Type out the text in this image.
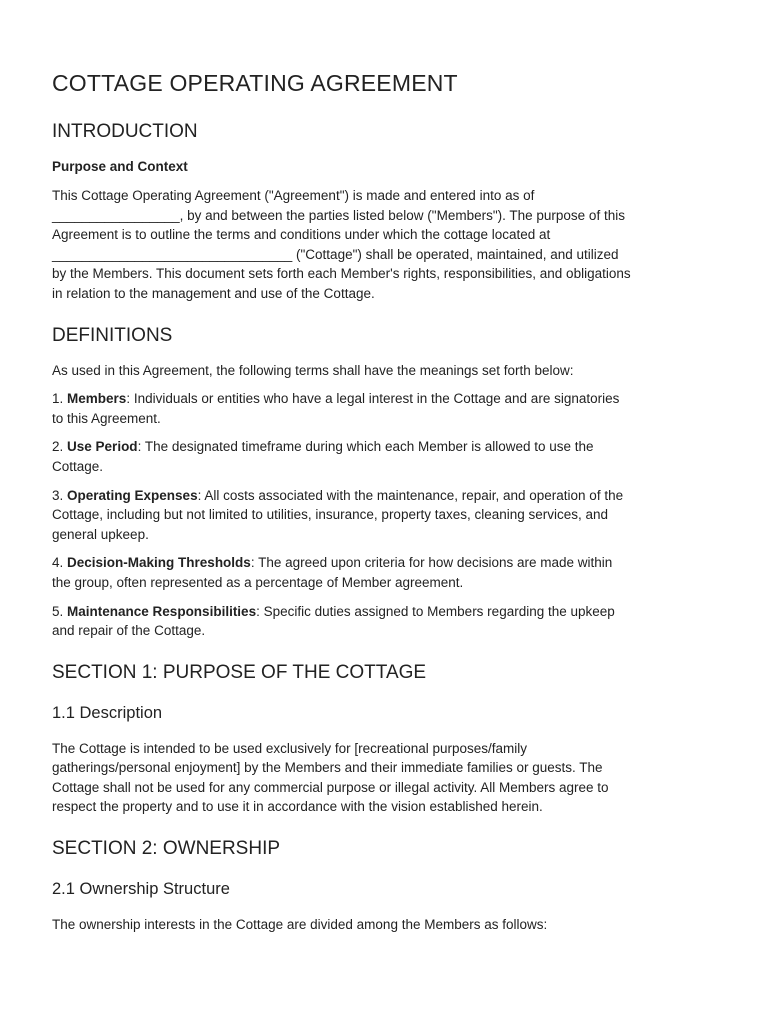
COTTAGE OPERATING AGREEMENT
INTRODUCTION
Purpose and Context

This Cottage Operating Agreement ("Agreement") is made and entered into as of
_________________, by and between the parties listed below ("Members"). The purpose of this
Agreement is to outline the terms and conditions under which the cottage located at
________________________________ ("Cottage") shall be operated, maintained, and utilized
by the Members. This document sets forth each Member's rights, responsibilities, and obligations
in relation to the management and use of the Cottage.

DEFINITIONS

As used in this Agreement, the following terms shall have the meanings set forth below:

1. Members: Individuals or entities who have a legal interest in the Cottage and are signatories
to this Agreement.

2. Use Period: The designated timeframe during which each Member is allowed to use the
Cottage.

3. Operating Expenses: All costs associated with the maintenance, repair, and operation of the
Cottage, including but not limited to utilities, insurance, property taxes, cleaning services, and
general upkeep.

4. Decision-Making Thresholds: The agreed upon criteria for how decisions are made within
the group, often represented as a percentage of Member agreement.

5. Maintenance Responsibilities: Specific duties assigned to Members regarding the upkeep
and repair of the Cottage.

SECTION 1: PURPOSE OF THE COTTAGE
1.1 Description

The Cottage is intended to be used exclusively for [recreational purposes/family
gatherings/personal enjoyment] by the Members and their immediate families or guests. The
Cottage shall not be used for any commercial purpose or illegal activity. All Members agree to
respect the property and to use it in accordance with the vision established herein.

SECTION 2: OWNERSHIP
2.1 Ownership Structure

The ownership interests in the Cottage are divided among the Members as follows:
